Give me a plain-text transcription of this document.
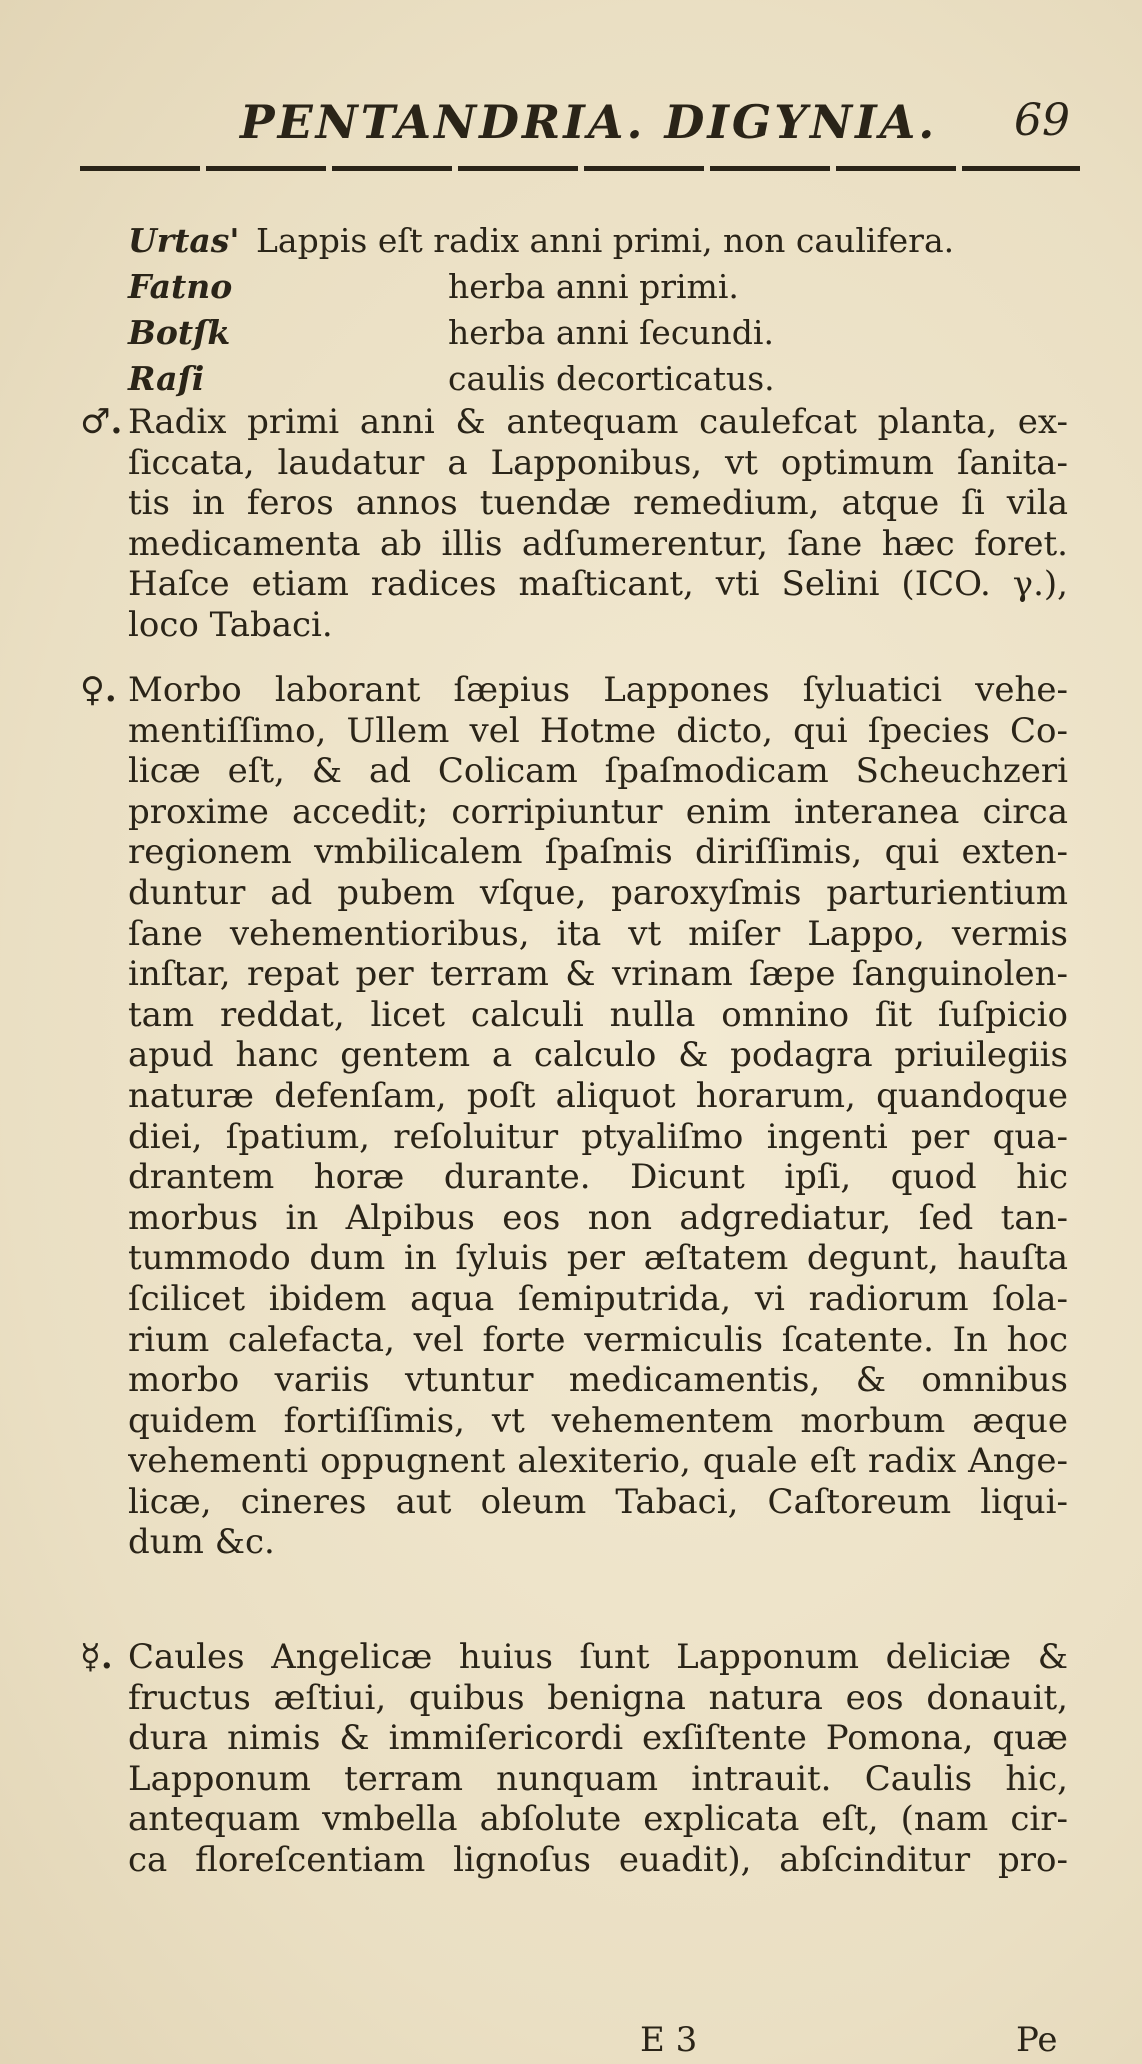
PENTANDRIA. DIGYNIA. 69
Urtas' Lappis eſt radix anni primi, non caulifera.
Fatno	herba anni primi.
Botſk	herba anni ſecundi.
Raſi	caulis decorticatus.
♂. Radix primi anni & antequam caulefcat planta, ex-
ſiccata, laudatur a Lapponibus, vt optimum ſanita-
tis in feros annos tuendæ remedium, atque ſi vila
medicamenta ab illis adſumerentur, ſane hæc foret.
Haſce etiam radices maſticant, vti Selini (ICO. γ.),
loco Tabaci.
♀. Morbo laborant ſæpius Lappones ſyluatici vehe-
mentiſſimo, Ullem vel Hotme dicto, qui ſpecies Co-
licæ eſt, & ad Colicam ſpaſmodicam Scheuchzeri
proxime accedit; corripiuntur enim interanea circa
regionem vmbilicalem ſpaſmis diriſſimis, qui exten-
duntur ad pubem vſque, paroxyſmis parturientium
ſane vehementioribus, ita vt miſer Lappo, vermis
inſtar, repat per terram & vrinam ſæpe ſanguinolen-
tam reddat, licet calculi nulla omnino ſit ſuſpicio
apud hanc gentem a calculo & podagra priuilegiis
naturæ defenſam, poſt aliquot horarum, quandoque
diei, ſpatium, reſoluitur ptyaliſmo ingenti per qua-
drantem horæ durante. Dicunt ipſi, quod hic
morbus in Alpibus eos non adgrediatur, ſed tan-
tummodo dum in ſyluis per æſtatem degunt, hauſta
ſcilicet ibidem aqua ſemiputrida, vi radiorum ſola-
rium calefacta, vel forte vermiculis ſcatente. In hoc
morbo variis vtuntur medicamentis, & omnibus
quidem fortiſſimis, vt vehementem morbum æque
vehementi oppugnent alexiterio, quale eſt radix Ange-
licæ, cineres aut oleum Tabaci, Caſtoreum liqui-
dum &c.
☿. Caules Angelicæ huius ſunt Lapponum deliciæ &
fructus æſtiui, quibus benigna natura eos donauit,
dura nimis & immiſericordi exſiſtente Pomona, quæ
Lapponum terram nunquam intrauit. Caulis hic,
antequam vmbella abſolute explicata eſt, (nam cir-
ca floreſcentiam lignoſus euadit), abſcinditur pro-
E 3	Pe
